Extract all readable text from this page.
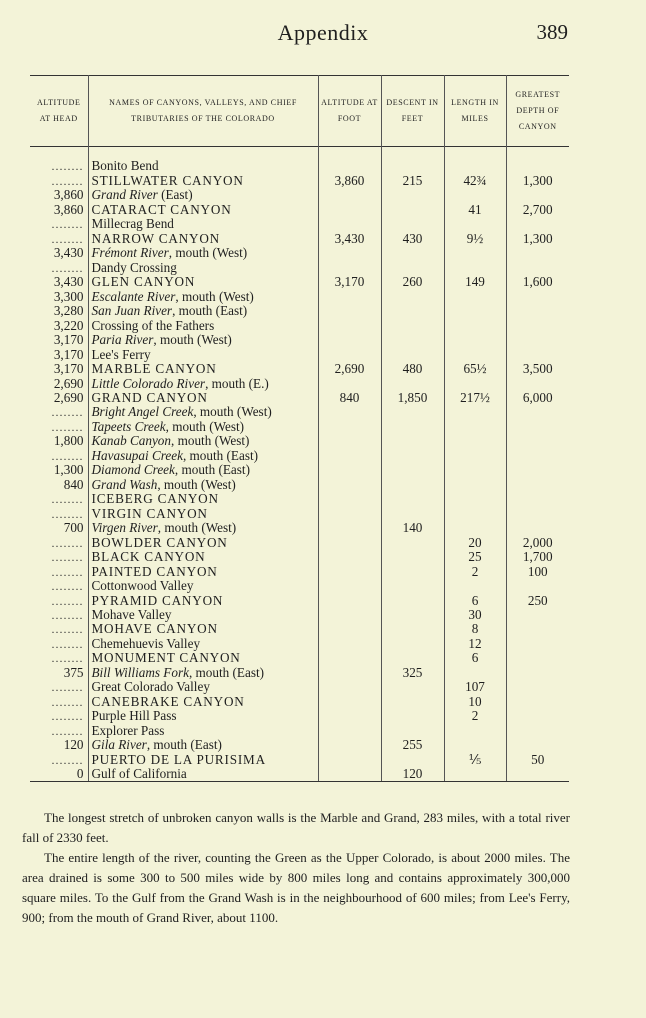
Appendix	389
ALTITUDE AT HEAD	NAMES OF CANYONS, VALLEYS, AND CHIEF TRIBUTARIES OF THE COLORADO	ALTITUDE AT FOOT	DESCENT IN FEET	LENGTH IN MILES	GREATEST DEPTH OF CANYON

........	Bonito Bend				
........	STILLWATER CANYON	3,860	215	42¾	1,300
3,860	Grand River (East)				
3,860	CATARACT CANYON			41	2,700
........	Millecrag Bend				
........	NARROW CANYON	3,430	430	9½	1,300
3,430	Frémont River, mouth (West)				
........	Dandy Crossing				
3,430	GLEN CANYON	3,170	260	149	1,600
3,300	Escalante River, mouth (West)				
3,280	San Juan River, mouth (East)				
3,220	Crossing of the Fathers				
3,170	Paria River, mouth (West)				
3,170	Lee's Ferry				
3,170	MARBLE CANYON	2,690	480	65½	3,500
2,690	Little Colorado River, mouth (E.)				
2,690	GRAND CANYON	840	1,850	217½	6,000
........	Bright Angel Creek, mouth (West)				
........	Tapeets Creek, mouth (West)				
1,800	Kanab Canyon, mouth (West)				
........	Havasupai Creek, mouth (East)				
1,300	Diamond Creek, mouth (East)				
840	Grand Wash, mouth (West)				
........	ICEBERG CANYON				
........	VIRGIN CANYON				
700	Virgen River, mouth (West)		140		
........	BOWLDER CANYON			20	2,000
........	BLACK CANYON			25	1,700
........	PAINTED CANYON			2	100
........	Cottonwood Valley				
........	PYRAMID CANYON			6	250
........	Mohave Valley			30	
........	MOHAVE CANYON			8	
........	Chemehuevis Valley			12	
........	MONUMENT CANYON			6	
375	Bill Williams Fork, mouth (East)		325		
........	Great Colorado Valley			107	
........	CANEBRAKE CANYON			10	
........	Purple Hill Pass			2	
........	Explorer Pass				
120	Gila River, mouth (East)		255		
........	PUERTO DE LA PURISIMA			⅕	50
0	Gulf of California		120		

The longest stretch of unbroken canyon walls is the Marble and Grand, 283 miles, with a total river fall of 2330 feet.

The entire length of the river, counting the Green as the Upper Colorado, is about 2000 miles. The area drained is some 300 to 500 miles wide by 800 miles long and contains approximately 300,000 square miles. To the Gulf from the Grand Wash is in the neighbourhood of 600 miles; from Lee's Ferry, 900; from the mouth of Grand River, about 1100.
